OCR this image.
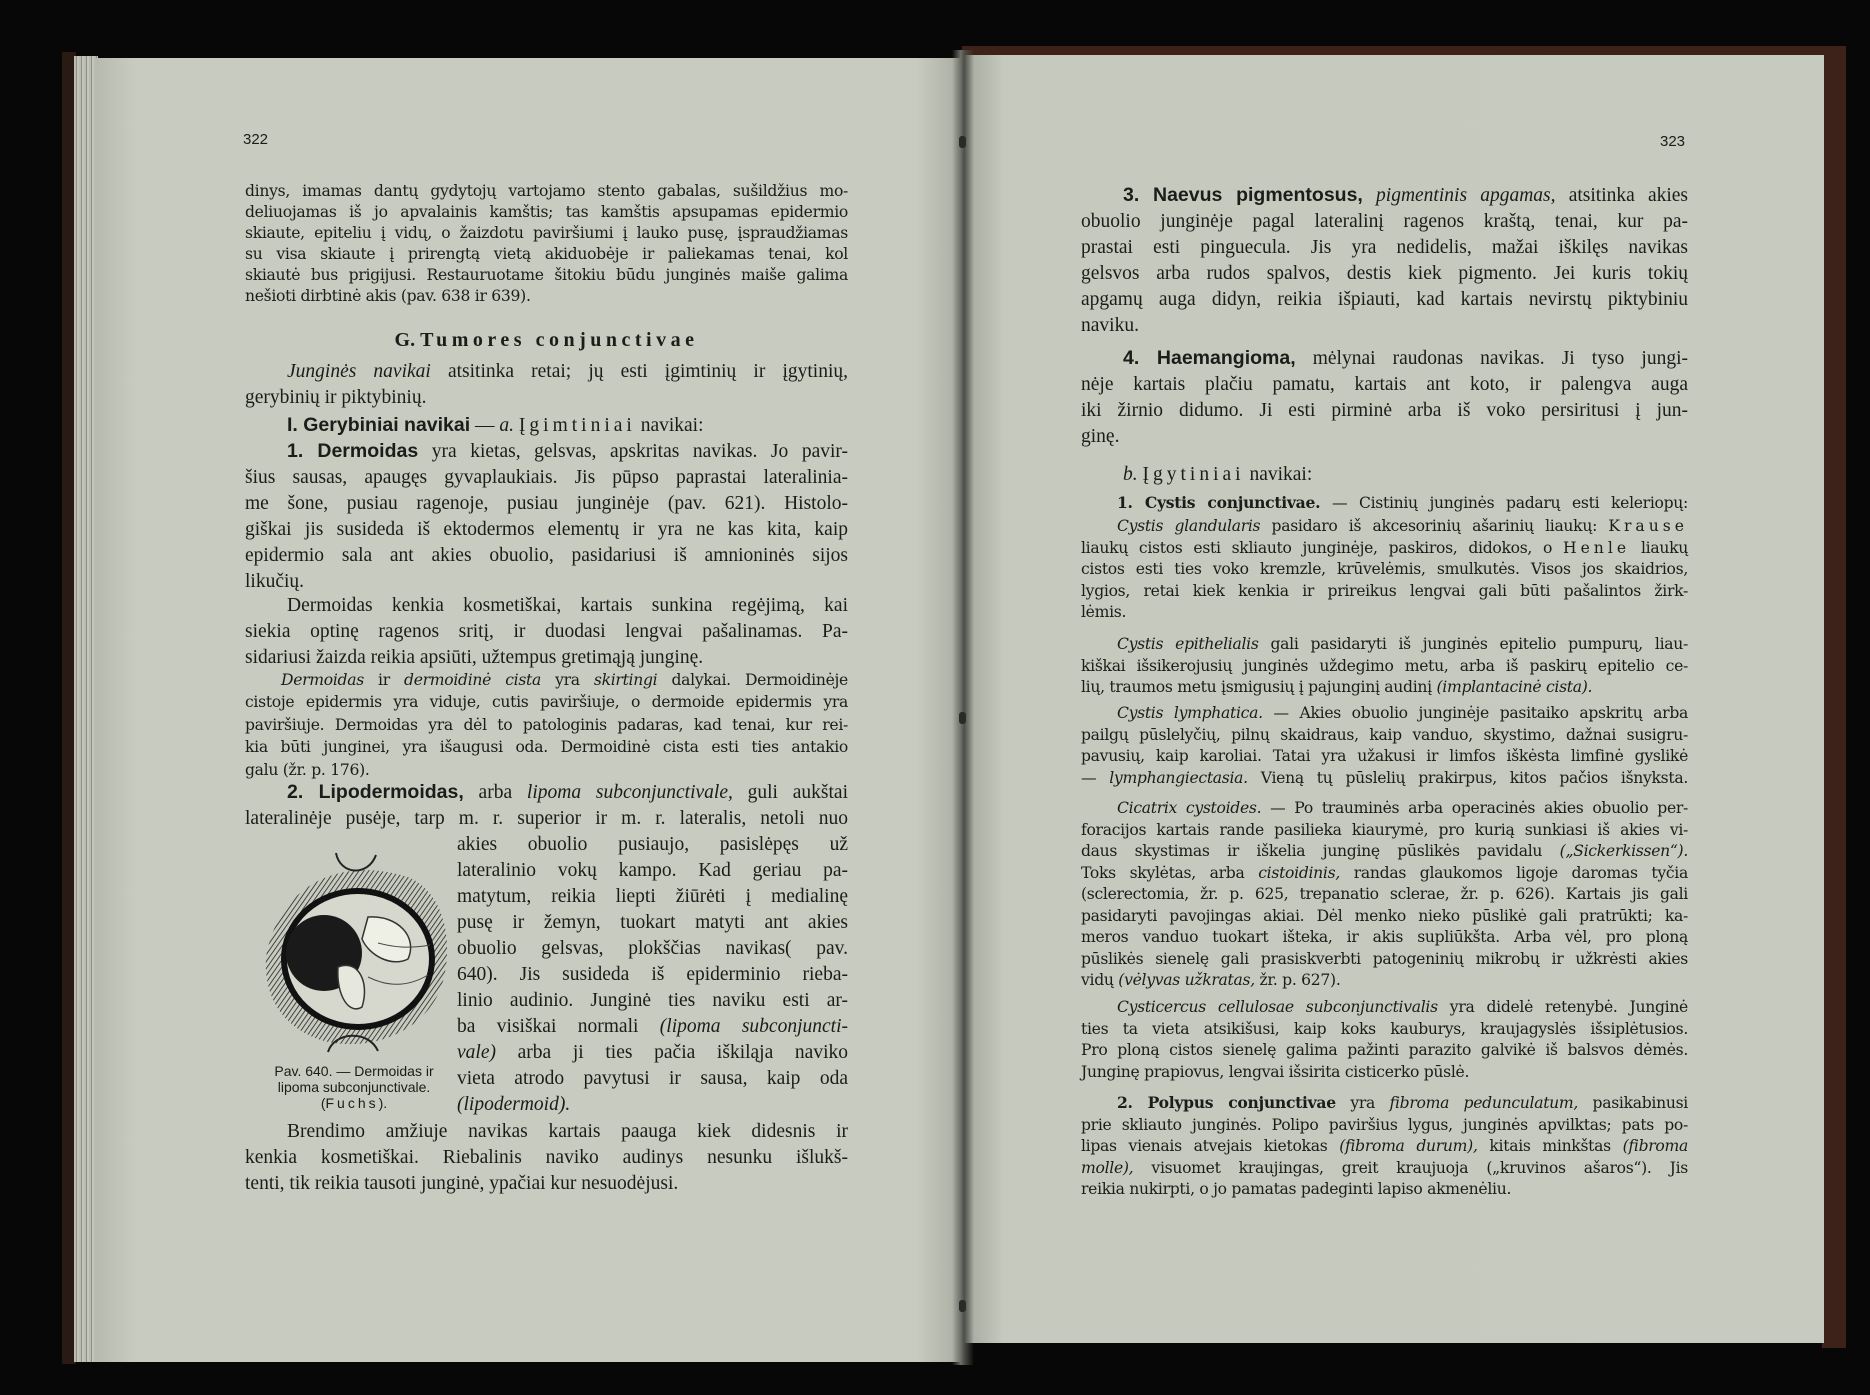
322
dinys, imamas dantų gydytojų vartojamo stento gabalas, sušildžius mo-
deliuojamas iš jo apvalainis kamštis; tas kamštis apsupamas epidermio
skiaute, epiteliu į vidų, o žaizdotu paviršiumi į lauko pusę, įspraudžiamas
su visa skiaute į prirengtą vietą akiduobėje ir paliekamas tenai, kol
skiautė bus prigijusi. Restauruotame šitokiu būdu junginės maiše galima
nešioti dirbtinė akis (pav. 638 ir 639).
G. Tumores conjunctivae
Junginės navikai atsitinka retai; jų esti įgimtinių ir įgytinių,
gerybinių ir piktybinių.
I. Gerybiniai navikai — a. Įgimtiniai navikai:
1. Dermoidas yra kietas, gelsvas, apskritas navikas. Jo pavir-
šius sausas, apaugęs gyvaplaukiais. Jis pūpso paprastai lateralinia-
me šone, pusiau ragenoje, pusiau junginėje (pav. 621). Histolo-
giškai jis susideda iš ektodermos elementų ir yra ne kas kita, kaip
epidermio sala ant akies obuolio, pasidariusi iš amnioninės sijos
likučių.
Dermoidas kenkia kosmetiškai, kartais sunkina regėjimą, kai
siekia optinę ragenos sritį, ir duodasi lengvai pašalinamas. Pa-
sidariusi žaizda reikia apsiūti, užtempus gretimąją junginę.
Dermoidas ir dermoidinė cista yra skirtingi dalykai. Dermoidinėje
cistoje epidermis yra viduje, cutis paviršiuje, o dermoide epidermis yra
paviršiuje. Dermoidas yra dėl to patologinis padaras, kad tenai, kur rei-
kia būti junginei, yra išaugusi oda. Dermoidinė cista esti ties antakio
galu (žr. p. 176).
2. Lipodermoidas, arba lipoma subconjunctivale, guli aukštai
lateralinėje pusėje, tarp m. r. superior ir m. r. lateralis, netoli nuo
akies obuolio pusiaujo, pasislėpęs už
lateralinio vokų kampo. Kad geriau pa-
matytum, reikia liepti žiūrėti į medialinę
pusę ir žemyn, tuokart matyti ant akies
obuolio gelsvas, plokščias navikas( pav.
640). Jis susideda iš epiderminio rieba-
linio audinio. Junginė ties naviku esti ar-
ba visiškai normali (lipoma subconjuncti-
vale) arba ji ties pačia iškiląja naviko
vieta atrodo pavytusi ir sausa, kaip oda
(lipodermoid).
Pav. 640. — Dermoidas ir
lipoma subconjunctivale.
(Fuchs).
Brendimo amžiuje navikas kartais paauga kiek didesnis ir
kenkia kosmetiškai. Riebalinis naviko audinys nesunku išlukš-
tenti, tik reikia tausoti junginė, ypačiai kur nesuodėjusi.
323
3. Naevus pigmentosus, pigmentinis apgamas, atsitinka akies
obuolio junginėje pagal lateralinį ragenos kraštą, tenai, kur pa-
prastai esti pinguecula. Jis yra nedidelis, mažai iškilęs navikas
gelsvos arba rudos spalvos, destis kiek pigmento. Jei kuris tokių
apgamų auga didyn, reikia išpiauti, kad kartais nevirstų piktybiniu
naviku.
4. Haemangioma, mėlynai raudonas navikas. Ji tyso jungi-
nėje kartais plačiu pamatu, kartais ant koto, ir palengva auga
iki žirnio didumo. Ji esti pirminė arba iš voko persiritusi į jun-
ginę.
b. Įgytiniai navikai:
1. Cystis conjunctivae. — Cistinių junginės padarų esti keleriopų:
Cystis glandularis pasidaro iš akcesorinių ašarinių liaukų: Krause
liaukų cistos esti skliauto junginėje, paskiros, didokos, o Henle liaukų
cistos esti ties voko kremzle, krūvelėmis, smulkutės. Visos jos skaidrios,
lygios, retai kiek kenkia ir prireikus lengvai gali būti pašalintos žirk-
lėmis.
Cystis epithelialis gali pasidaryti iš junginės epitelio pumpurų, liau-
kiškai išsikerojusių junginės uždegimo metu, arba iš paskirų epitelio ce-
lių, traumos metu įsmigusių į pajunginį audinį (implantacinė cista).
Cystis lymphatica. — Akies obuolio junginėje pasitaiko apskritų arba
pailgų pūslelyčių, pilnų skaidraus, kaip vanduo, skystimo, dažnai susigru-
pavusių, kaip karoliai. Tatai yra užakusi ir limfos iškėsta limfinė gyslikė
— lymphangiectasia. Vieną tų pūslelių prakirpus, kitos pačios išnyksta.
Cicatrix cystoides. — Po trauminės arba operacinės akies obuolio per-
foracijos kartais rande pasilieka kiaurymė, pro kurią sunkiasi iš akies vi-
daus skystimas ir iškelia junginę pūslikės pavidalu („Sickerkissen“).
Toks skylėtas, arba cistoidinis, randas glaukomos ligoje daromas tyčia
(sclerectomia, žr. p. 625, trepanatio sclerae, žr. p. 626). Kartais jis gali
pasidaryti pavojingas akiai. Dėl menko nieko pūslikė gali pratrūkti; ka-
meros vanduo tuokart išteka, ir akis supliūkšta. Arba vėl, pro ploną
pūslikės sienelę gali prasiskverbti patogeninių mikrobų ir užkrėsti akies
vidų (vėlyvas užkratas, žr. p. 627).
Cysticercus cellulosae subconjunctivalis yra didelė retenybė. Junginė
ties ta vieta atsikišusi, kaip koks kauburys, kraujagyslės išsiplėtusios.
Pro ploną cistos sienelę galima pažinti parazito galvikė iš balsvos dėmės.
Junginę prapiovus, lengvai išsirita cisticerko pūslė.
2. Polypus conjunctivae yra fibroma pedunculatum, pasikabinusi
prie skliauto junginės. Polipo paviršius lygus, junginės apvilktas; pats po-
lipas vienais atvejais kietokas (fibroma durum), kitais minkštas (fibroma
molle), visuomet kraujingas, greit kraujuoja („kruvinos ašaros“). Jis
reikia nukirpti, o jo pamatas padeginti lapiso akmenėliu.
